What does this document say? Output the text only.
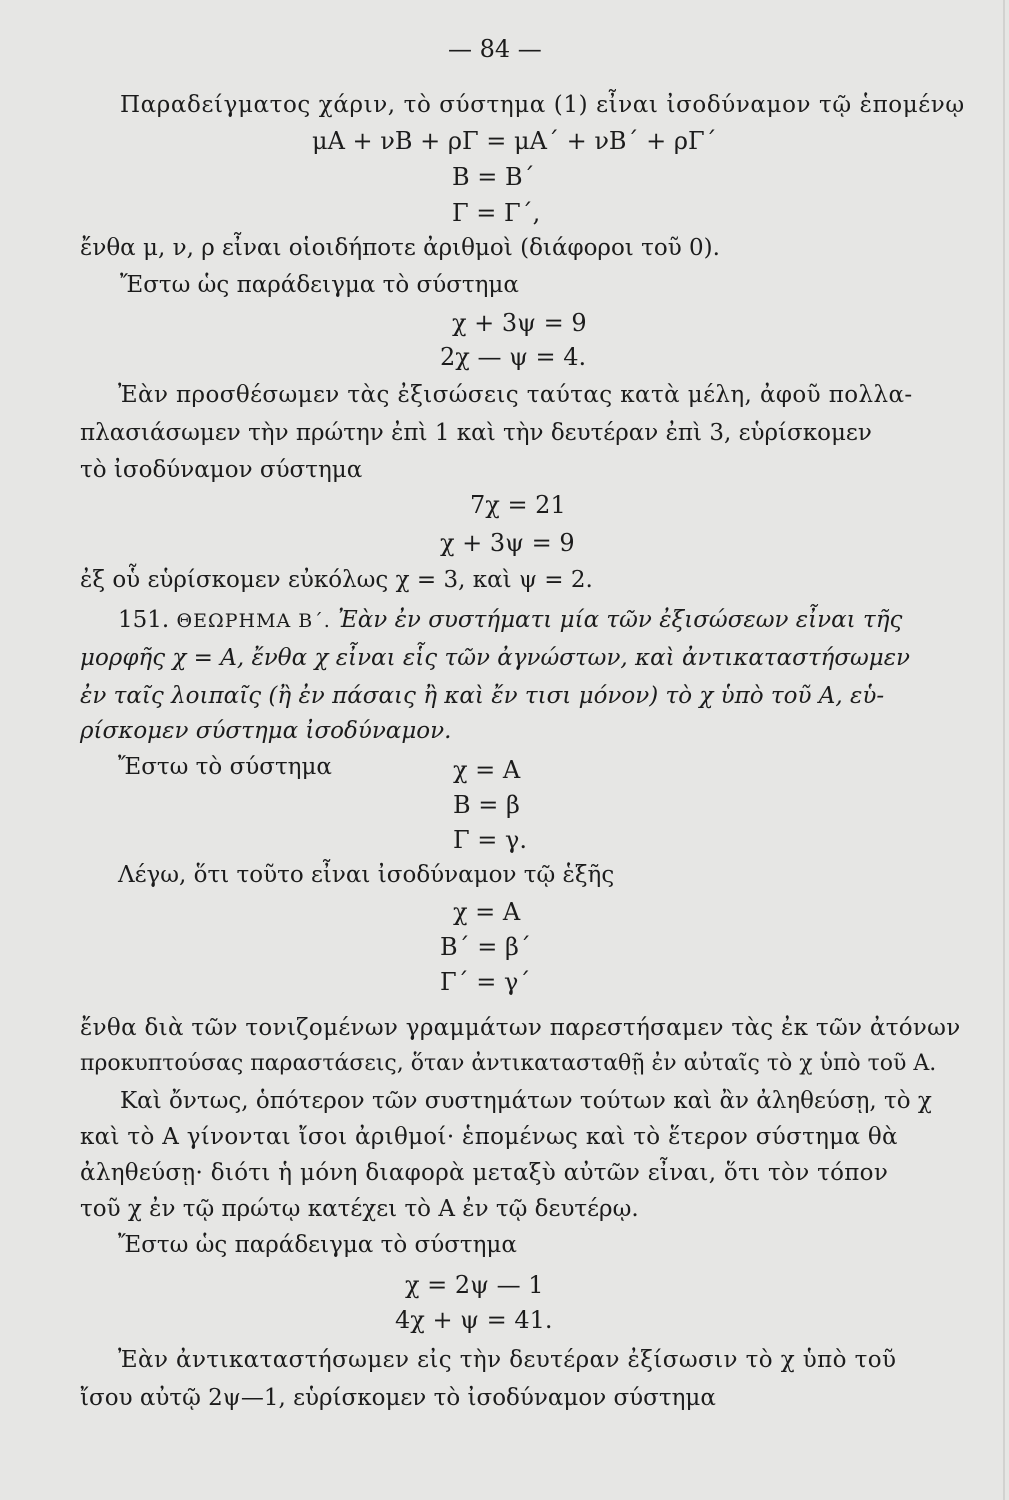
— 84 —
Παραδείγματος χάριν, τὸ σύστημα (1) εἶναι ἰσοδύναμον τῷ ἑπομένῳ
μΑ + νΒ + ρΓ = μΑ΄ + νΒ΄ + ρΓ΄
Β = Β΄
Γ = Γ΄,
ἔνθα μ, ν, ρ εἶναι οἱοιδήποτε ἀριθμοὶ (διάφοροι τοῦ 0).
Ἔστω ὡς παράδειγμα τὸ σύστημα
χ + 3ψ = 9
2χ — ψ = 4.
Ἐὰν προσθέσωμεν τὰς ἐξισώσεις ταύτας κατὰ μέλη, ἀφοῦ πολλα-
πλασιάσωμεν τὴν πρώτην ἐπὶ 1 καὶ τὴν δευτέραν ἐπὶ 3, εὑρίσκομεν
τὸ ἰσοδύναμον σύστημα
7χ = 21
χ + 3ψ = 9
ἐξ οὗ εὑρίσκομεν εὐκόλως χ = 3, καὶ ψ = 2.
151. ΘΕΩΡΗΜΑ Β΄. Ἐὰν ἐν συστήματι μία τῶν ἐξισώσεων εἶναι τῆς
μορφῆς χ = Α, ἔνθα χ εἶναι εἷς τῶν ἀγνώστων, καὶ ἀντικαταστήσωμεν
ἐν ταῖς λοιπαῖς (ἢ ἐν πάσαις ἢ καὶ ἔν τισι μόνον) τὸ χ ὑπὸ τοῦ Α, εὑ-
ρίσκομεν σύστημα ἰσοδύναμον.
Ἔστω τὸ σύστημα	χ = Α
Β = β
Γ = γ.
Λέγω, ὅτι τοῦτο εἶναι ἰσοδύναμον τῷ ἑξῆς
χ = Α
Β΄ = β΄
Γ΄ = γ΄
ἔνθα διὰ τῶν τονιζομένων γραμμάτων παρεστήσαμεν τὰς ἐκ τῶν ἀτόνων
προκυπτούσας παραστάσεις, ὅταν ἀντικατασταθῇ ἐν αὐταῖς τὸ χ ὑπὸ τοῦ Α.
Καὶ ὄντως, ὁπότερον τῶν συστημάτων τούτων καὶ ἂν ἀληθεύσῃ, τὸ χ
καὶ τὸ Α γίνονται ἴσοι ἀριθμοί· ἑπομένως καὶ τὸ ἕτερον σύστημα θὰ
ἀληθεύσῃ· διότι ἡ μόνη διαφορὰ μεταξὺ αὐτῶν εἶναι, ὅτι τὸν τόπον
τοῦ χ ἐν τῷ πρώτῳ κατέχει τὸ Α ἐν τῷ δευτέρῳ.
Ἔστω ὡς παράδειγμα τὸ σύστημα
χ = 2ψ — 1
4χ + ψ = 41.
Ἐὰν ἀντικαταστήσωμεν εἰς τὴν δευτέραν ἐξίσωσιν τὸ χ ὑπὸ τοῦ
ἴσου αὐτῷ 2ψ—1, εὑρίσκομεν τὸ ἰσοδύναμον σύστημα
